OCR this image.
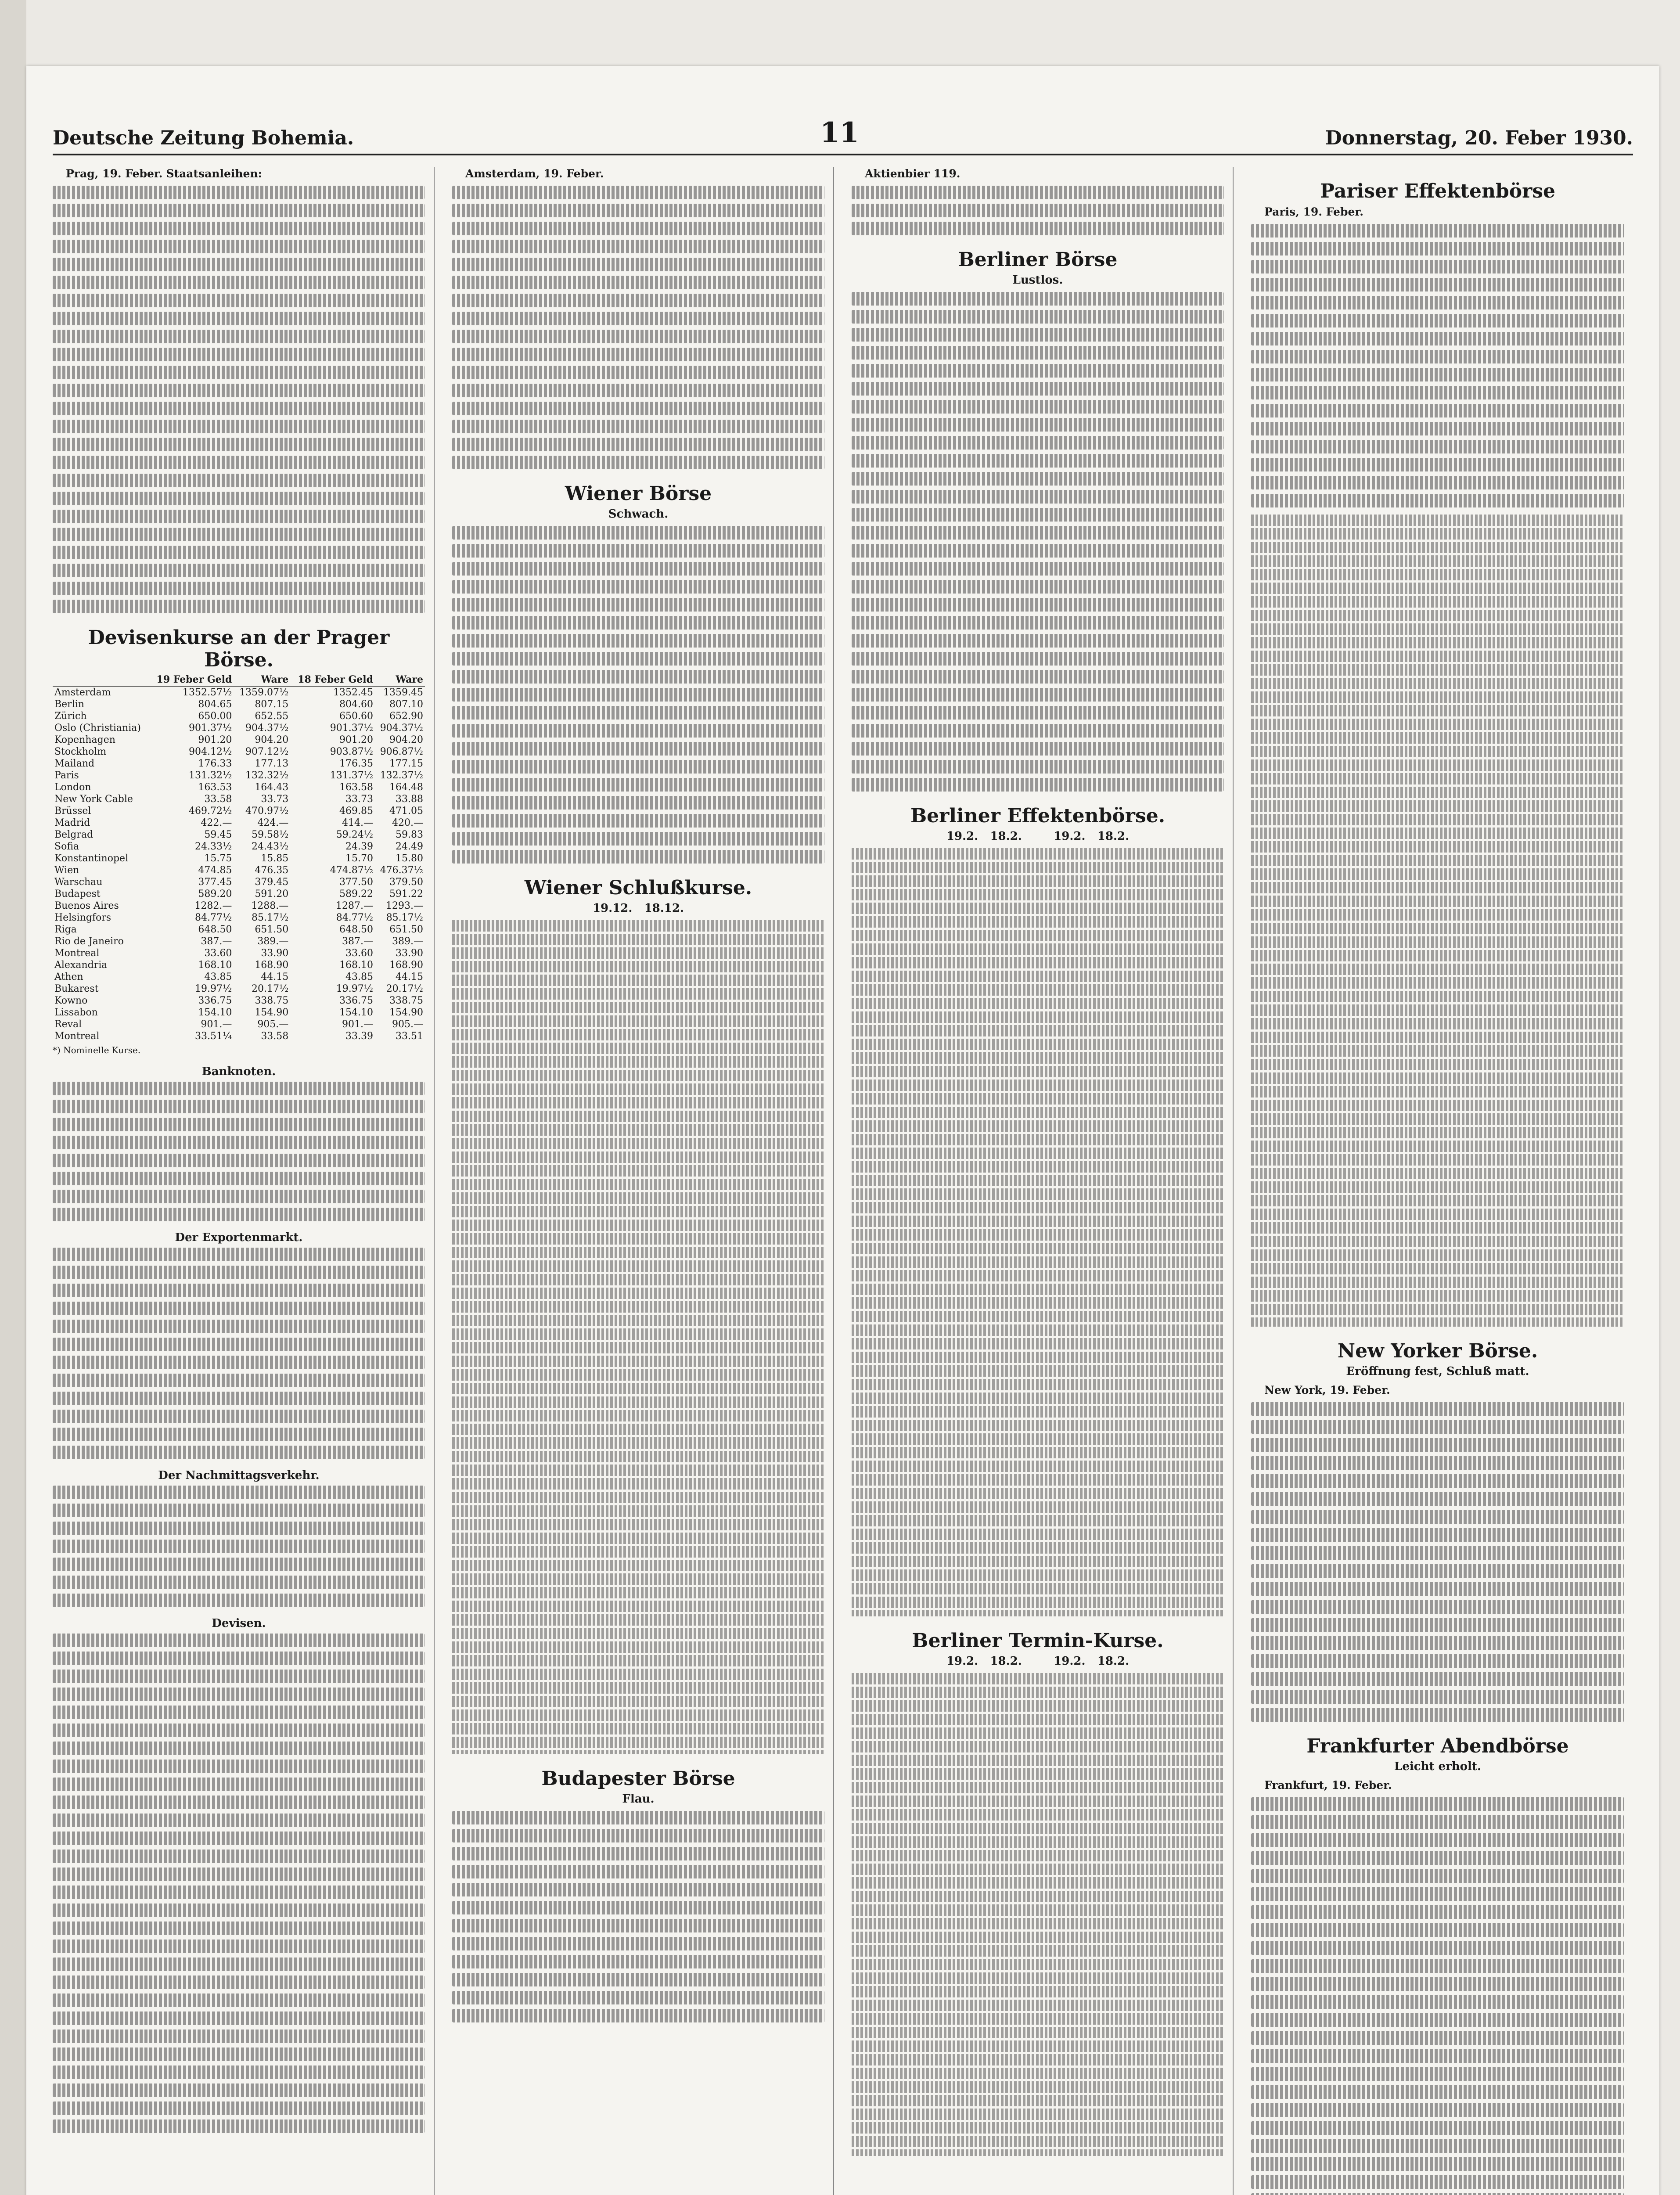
Deutsche Zeitung Bohemia.	11	Donnerstag, 20. Feber 1930.

Prag, 19. Feber. Staatsanleihen:

Devisenkurse an der Prager Börse.
	19 Feber Geld	Ware	18 Feber Geld	Ware
Amsterdam	1352.57½	1359.07½	1352.45	1359.45
Berlin	804.65	807.15	804.60	807.10
Zürich	650.00	652.55	650.60	652.90
Oslo (Christiania)	901.37½	904.37½	901.37½	904.37½
Kopenhagen	901.20	904.20	901.20	904.20
Stockholm	904.12½	907.12½	903.87½	906.87½
Mailand	176.33	177.13	176.35	177.15
Paris	131.32½	132.32½	131.37½	132.37½
London	163.53	164.43	163.58	164.48
New York Cable	33.58	33.73	33.73	33.88
Brüssel	469.72½	470.97½	469.85	471.05
Madrid	422.—	424.—	414.—	420.—
Belgrad	59.45	59.58½	59.24½	59.83
Sofia	24.33½	24.43½	24.39	24.49
Konstantinopel	15.75	15.85	15.70	15.80
Wien	474.85	476.35	474.87½	476.37½
Warschau	377.45	379.45	377.50	379.50
Budapest	589.20	591.20	589.22	591.22
Buenos Aires	1282.—	1288.—	1287.—	1293.—
Helsingfors	84.77½	85.17½	84.77½	85.17½
Riga	648.50	651.50	648.50	651.50
Rio de Janeiro	387.—	389.—	387.—	389.—
Montreal	33.60	33.90	33.60	33.90
Alexandria	168.10	168.90	168.10	168.90
Athen	43.85	44.15	43.85	44.15
Bukarest	19.97½	20.17½	19.97½	20.17½
Kowno	336.75	338.75	336.75	338.75
Lissabon	154.10	154.90	154.10	154.90
Reval	901.—	905.—	901.—	905.—
Montreal	33.51¼	33.58	33.39	33.51
*) Nominelle Kurse.
Banknoten.
Der Exportenmarkt.
Der Nachmittagsverkehr.
Devisen.

Amsterdam, 19. Feber.

Wiener Börse
Schwach.
Wiener Schlußkurse.
19.12. 18.12.
Budapester Börse
Flau.

Aktienbier 119.

Berliner Börse
Lustlos.
Berliner Effektenbörse.
19.2. 18.2.	19.2. 18.2.
Berliner Termin-Kurse.
19.2. 18.2.	19.2. 18.2.
Pariser Effektenbörse

Paris, 19. Feber.

New Yorker Börse.
Eröffnung fest, Schluß matt.

New York, 19. Feber.

Frankfurter Abendbörse
Leicht erholt.

Frankfurt, 19. Feber.
